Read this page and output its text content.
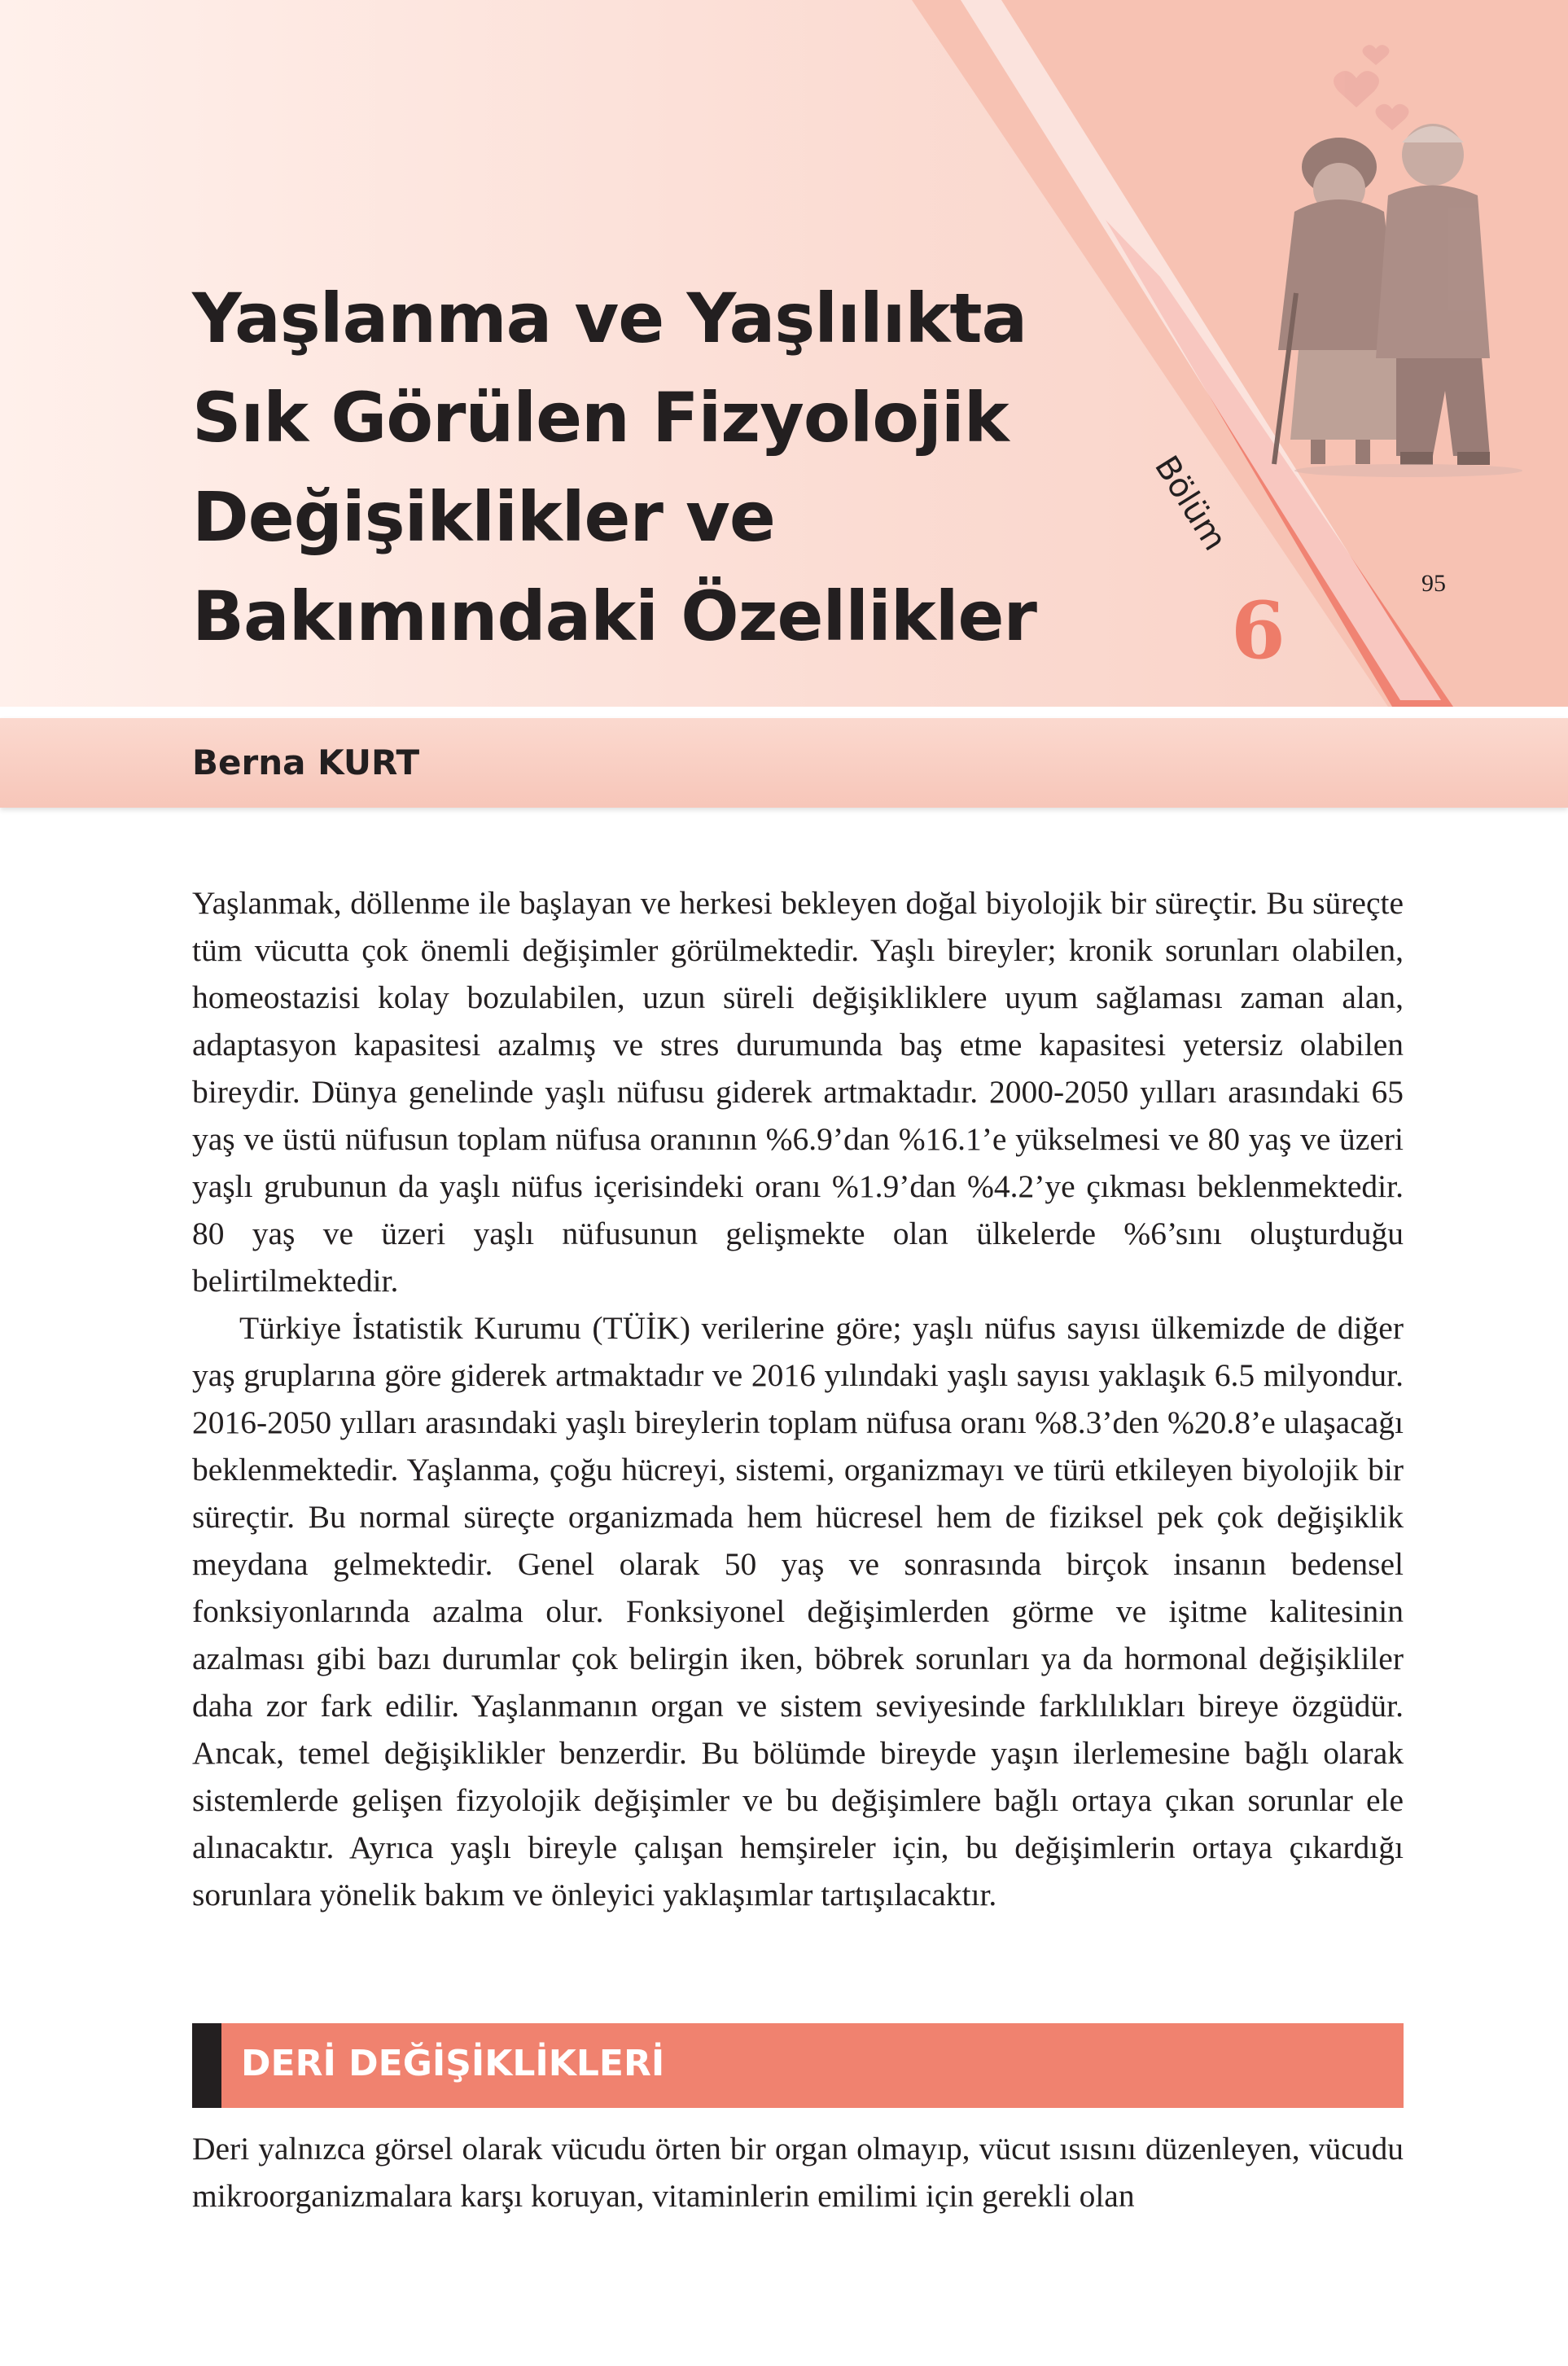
Yaşlanma ve Yaşlılıkta
Sık Görülen Fizyolojik
Değişiklikler ve
Bakımındaki Özellikler
Bölüm
6
95
Berna KURT

Yaşlanmak, döllenme ile başlayan ve herkesi bekleyen doğal biyolojik bir süreçtir. Bu süreçte tüm vücutta çok önemli değişimler görülmektedir. Yaşlı bireyler; kronik sorunları olabilen, homeostazisi kolay bozulabilen, uzun süreli değişikliklere uyum sağlaması zaman alan, adaptasyon kapasitesi azalmış ve stres durumunda baş etme kapasitesi yetersiz olabilen bireydir. Dünya genelinde yaşlı nüfusu giderek artmaktadır. 2000-2050 yılları arasındaki 65 yaş ve üstü nüfusun toplam nüfusa oranının %6.9’dan %16.1’e yükselmesi ve 80 yaş ve üzeri yaşlı grubunun da yaşlı nüfus içerisindeki oranı %1.9’dan %4.2’ye çıkması beklenmektedir. 80 yaş ve üzeri yaşlı nüfusunun gelişmekte olan ülkelerde %6’sını oluşturduğu belirtilmektedir.

Türkiye İstatistik Kurumu (TÜİK) verilerine göre; yaşlı nüfus sayısı ülkemizde de diğer yaş gruplarına göre giderek artmaktadır ve 2016 yılındaki yaşlı sayısı yaklaşık 6.5 milyondur. 2016-2050 yılları arasındaki yaşlı bireylerin toplam nüfusa oranı %8.3’den %20.8’e ulaşacağı beklenmektedir. Yaşlanma, çoğu hücreyi, sistemi, organizmayı ve türü etkileyen biyolojik bir süreçtir. Bu normal süreçte organizmada hem hücresel hem de fiziksel pek çok değişiklik meydana gelmektedir. Genel olarak 50 yaş ve sonrasında birçok insanın bedensel fonksiyonlarında azalma olur. Fonksiyonel değişimlerden görme ve işitme kalitesinin azalması gibi bazı durumlar çok belirgin iken, böbrek sorunları ya da hormonal değişikliler daha zor fark edilir. Yaşlanmanın organ ve sistem seviyesinde farklılıkları bireye özgüdür. Ancak, temel değişiklikler benzerdir. Bu bölümde bireyde yaşın ilerlemesine bağlı olarak sistemlerde gelişen fizyolojik değişimler ve bu değişimlere bağlı ortaya çıkan sorunlar ele alınacaktır. Ayrıca yaşlı bireyle çalışan hemşireler için, bu değişimlerin ortaya çıkardığı sorunlara yönelik bakım ve önleyici yaklaşımlar tartışılacaktır.

DERİ DEĞİŞİKLİKLERİ

Deri yalnızca görsel olarak vücudu örten bir organ olmayıp, vücut ısısını düzenleyen, vücudu mikroorganizmalara karşı koruyan, vitaminlerin emilimi için gerekli olan
